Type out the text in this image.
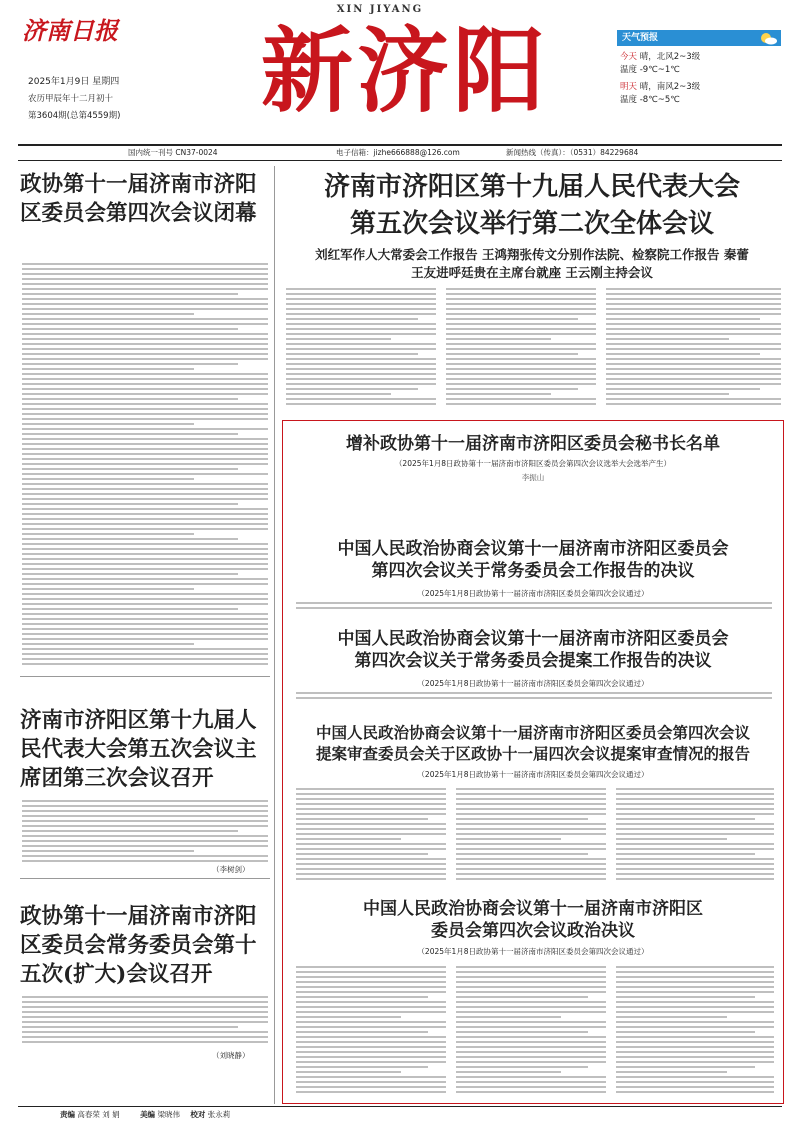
济南日报
2025年1月9日 星期四
农历甲辰年十二月初十
第3604期(总第4559期)
XIN JIYANG
新济阳	天气预报
今天 晴，北风2~3级
温度 -9℃~1℃
明天 晴，南风2~3级
温度 -8℃~5℃
国内统一刊号 CN37-0024	电子信箱：jizhe666888@126.com	新闻热线（传真）：（0531）84229684
政协第十一届济南市济阳区委员会第四次会议闭幕
济南市济阳区第十九届人民代表大会第五次会议主席团第三次会议召开
（李树剑）
政协第十一届济南市济阳区委员会常务委员会第十五次(扩大)会议召开
（刘晓静）
济南市济阳区第十九届人民代表大会
第五次会议举行第二次全体会议
刘红军作人大常委会工作报告 王鸿翔张传文分别作法院、检察院工作报告 秦蕾
王友进呼廷贵在主席台就座 王云刚主持会议
增补政协第十一届济南市济阳区委员会秘书长名单
（2025年1月8日政协第十一届济南市济阳区委员会第四次会议选举大会选举产生）
李振山
中国人民政治协商会议第十一届济南市济阳区委员会
第四次会议关于常务委员会工作报告的决议
（2025年1月8日政协第十一届济南市济阳区委员会第四次会议通过）
中国人民政治协商会议第十一届济南市济阳区委员会
第四次会议关于常务委员会提案工作报告的决议
（2025年1月8日政协第十一届济南市济阳区委员会第四次会议通过）
中国人民政治协商会议第十一届济南市济阳区委员会第四次会议
提案审查委员会关于区政协十一届四次会议提案审查情况的报告
（2025年1月8日政协第十一届济南市济阳区委员会第四次会议通过）
中国人民政治协商会议第十一届济南市济阳区
委员会第四次会议政治决议
（2025年1月8日政协第十一届济南市济阳区委员会第四次会议通过）
责编 高春荣 刘 娟	美编 梁晓伟 校对 张永莉
